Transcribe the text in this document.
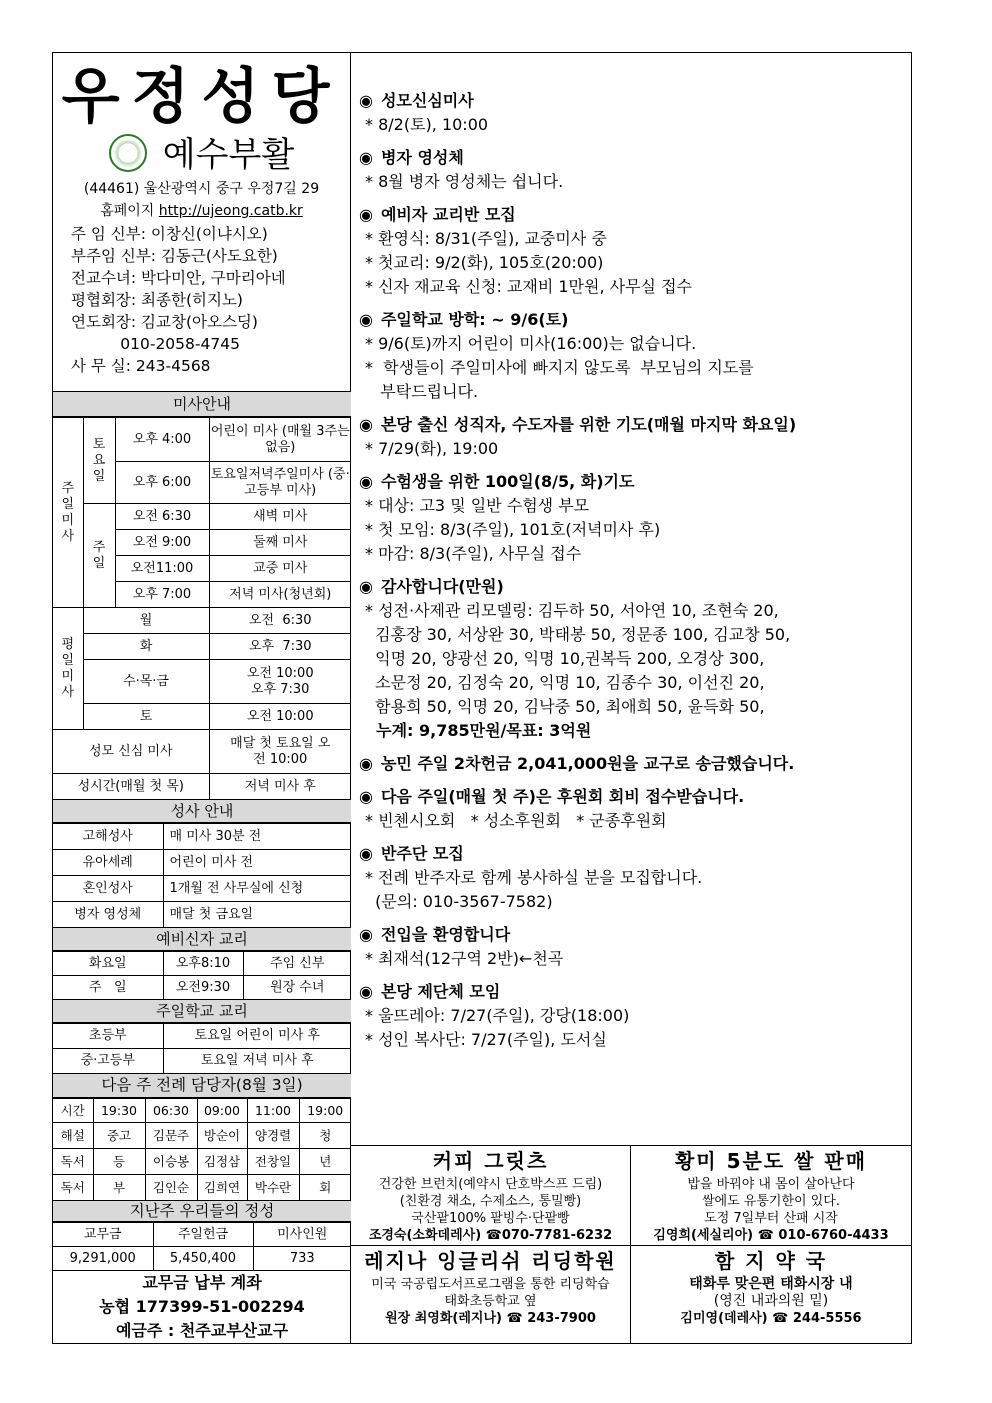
우정성당
예수부활
(44461) 울산광역시 중구 우정7길 29
홈페이지 http://ujeong.catb.kr
주 임 신부: 이창신(이냐시오)
부주임 신부: 김동근(사도요한)
전교수녀: 박다미안, 구마리아네
평협회장: 최종한(히지노)
연도회장: 김교창(아오스딩)
010-2058-4745
사 무 실: 243-4568
미사안내
주일미사	토요일	오후 4:00	어린이 미사 (매월 3주는 없음)
		오후 6:00	토요일저녁주일미사 (중·고등부 미사)

	주일	오전 6:30	새벽 미사
		오전 9:00	둘째 미사
		오전11:00	교중 미사
		오후 7:00	저녁 미사(청년회)

평일미사	월		오전  6:30
	화		오후  7:30
	수·목·금		오전 10:00 오후 7:30
	토		오전 10:00
성모 신심 미사			매달 첫 토요일 오전 10:00
성시간(매월 첫 목)			저녁 미사 후
성사 안내
고해성사	매 미사 30분 전
유아세례	어린이 미사 전
혼인성사	1개월 전 사무실에 신청
병자 영성체	매달 첫 금요일
예비신자 교리
화요일	오후8:10	주임 신부
주   일	오전9:30	원장 수녀
주일학교 교리
초등부	토요일 어린이 미사 후
중·고등부	토요일 저녁 미사 후
다음 주 전례 담당자(8월 3일)
시간	19:30	06:30	09:00	11:00	19:00
해설	중고	김문주	방순이	양경렬	청
독서	등	이승봉	김정삼	전창일	년
독서	부	김인순	김희연	박수란	회
지난주 우리들의 정성
교무금	주일헌금	미사인원
9,291,000	5,450,400	733
교무금 납부 계좌
농협 177399-51-002294
예금주 : 천주교부산교구
◉ 성모신심미사
* 8/2(토), 10:00
◉ 병자 영성체
* 8월 병자 영성체는 쉽니다.
◉ 예비자 교리반 모집
* 환영식: 8/31(주일), 교중미사 중
* 첫교리: 9/2(화), 105호(20:00)
* 신자 재교육 신청: 교재비 1만원, 사무실 접수
◉ 주일학교 방학: ~ 9/6(토)
* 9/6(토)까지 어린이 미사(16:00)는 없습니다.
*  학생들이 주일미사에 빠지지 않도록  부모님의 지도를
부탁드립니다.
◉ 본당 출신 성직자, 수도자를 위한 기도(매월 마지막 화요일)
* 7/29(화), 19:00
◉ 수험생을 위한 100일(8/5, 화)기도
* 대상: 고3 및 일반 수험생 부모
* 첫 모임: 8/3(주일), 101호(저녁미사 후)
* 마감: 8/3(주일), 사무실 접수
◉ 감사합니다(만원)
* 성전·사제관 리모델링: 김두하 50, 서아연 10, 조현숙 20,
김홍장 30, 서상완 30, 박태봉 50, 정문종 100, 김교창 50,
익명 20, 양광선 20, 익명 10,권복득 200, 오경상 300,
소문정 20, 김정숙 20, 익명 10, 김종수 30, 이선진 20,
함용희 50, 익명 20, 김낙중 50, 최애희 50, 윤득화 50,
누계: 9,785만원/목표: 3억원
◉ 농민 주일 2차헌금 2,041,000원을 교구로 송금했습니다.
◉ 다음 주일(매월 첫 주)은 후원회 회비 접수받습니다.
* 빈첸시오회   * 성소후원회   * 군종후원회
◉ 반주단 모집
* 전례 반주자로 함께 봉사하실 분을 모집합니다.
(문의: 010-3567-7582)
◉ 전입을 환영합니다
* 최재석(12구역 2반)←천곡
◉ 본당 제단체 모임
* 울뜨레아: 7/27(주일), 강당(18:00)
* 성인 복사단: 7/27(주일), 도서실
커피 그릿츠
건강한 브런치(예약시 단호박스프 드림)
(친환경 채소, 수제소스, 통밀빵)
국산팥100% 팥빙수·단팥빵
조경숙(소화데레사) ☎070-7781-6232
황미 5분도 쌀 판매
밥을 바꿔야 내 몸이 살아난다
쌀에도 유통기한이 있다.
도정 7일부터 산패 시작
김영희(세실리아) ☎ 010-6760-4433
레지나 잉글리쉬 리딩학원
미국 국공립도서프로그램을 통한 리딩학습
태화초등학교 옆
원장 최영화(레지나) ☎ 243-7900
함 지 약 국
태화루 맞은편 태화시장 내
(영진 내과의원 밑)
김미영(데레사) ☎ 244-5556
